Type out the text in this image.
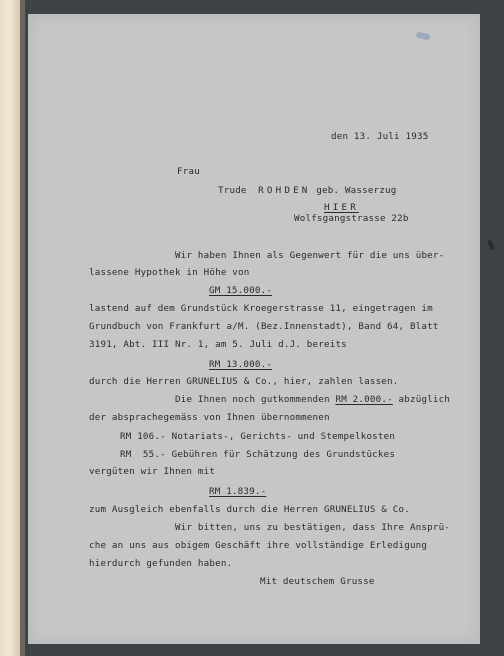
den 13. Juli 1935
Frau
Trude ROHDEN geb. Wasserzug
HIER
Wolfsgangstrasse 22b
Wir haben Ihnen als Gegenwert für die uns über-
lassene Hypothek in Höhe von
GM 15.000.-
lastend auf dem Grundstück Kroegerstrasse 11, eingetragen im
Grundbuch von Frankfurt a/M. (Bez.Innenstadt), Band 64, Blatt
3191, Abt. III Nr. 1, am 5. Juli d.J. bereits
RM 13.000.-
durch die Herren GRUNELIUS & Co., hier, zahlen lassen.
Die Ihnen noch gutkommenden RM 2.000.- abzüglich
der absprachegemäss von Ihnen übernommenen
RM 106.- Notariats-, Gerichts- und Stempelkosten
RM  55.- Gebühren für Schätzung des Grundstückes
vergüten wir Ihnen mit
RM 1.839.-
zum Ausgleich ebenfalls durch die Herren GRUNELIUS & Co.
Wir bitten, uns zu bestätigen, dass Ihre Ansprü-
che an uns aus obigem Geschäft ihre vollständige Erledigung
hierdurch gefunden haben.
Mit deutschem Grusse
